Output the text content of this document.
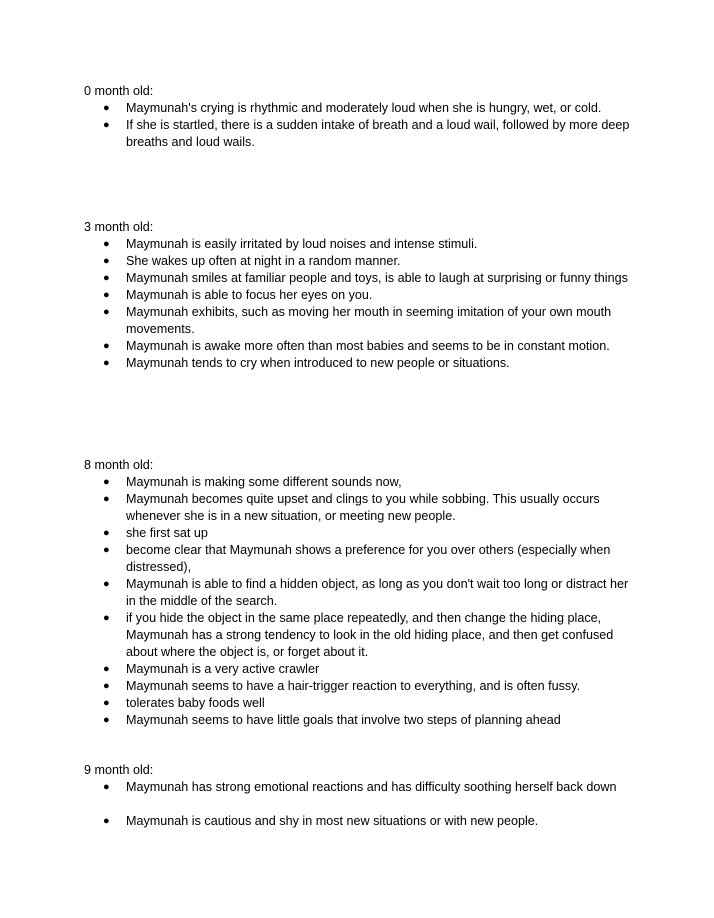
0 month old:
● Maymunah's crying is rhythmic and moderately loud when she is hungry, wet, or cold.
● If she is startled, there is a sudden intake of breath and a loud wail, followed by more deep breaths and loud wails.
3 month old:
● Maymunah is easily irritated by loud noises and intense stimuli.
● She wakes up often at night in a random manner.
● Maymunah smiles at familiar people and toys, is able to laugh at surprising or funny things
● Maymunah is able to focus her eyes on you.
● Maymunah exhibits, such as moving her mouth in seeming imitation of your own mouth movements.
● Maymunah is awake more often than most babies and seems to be in constant motion.
● Maymunah tends to cry when introduced to new people or situations.
8 month old:
● Maymunah is making some different sounds now,
● Maymunah becomes quite upset and clings to you while sobbing. This usually occurs whenever she is in a new situation, or meeting new people.
● she first sat up
● become clear that Maymunah shows a preference for you over others (especially when distressed),
● Maymunah is able to find a hidden object, as long as you don't wait too long or distract her in the middle of the search.
● if you hide the object in the same place repeatedly, and then change the hiding place, Maymunah has a strong tendency to look in the old hiding place, and then get confused about where the object is, or forget about it.
● Maymunah is a very active crawler
● Maymunah seems to have a hair-trigger reaction to everything, and is often fussy.
● tolerates baby foods well
● Maymunah seems to have little goals that involve two steps of planning ahead
9 month old:
● Maymunah has strong emotional reactions and has difficulty soothing herself back down
● Maymunah is cautious and shy in most new situations or with new people.
